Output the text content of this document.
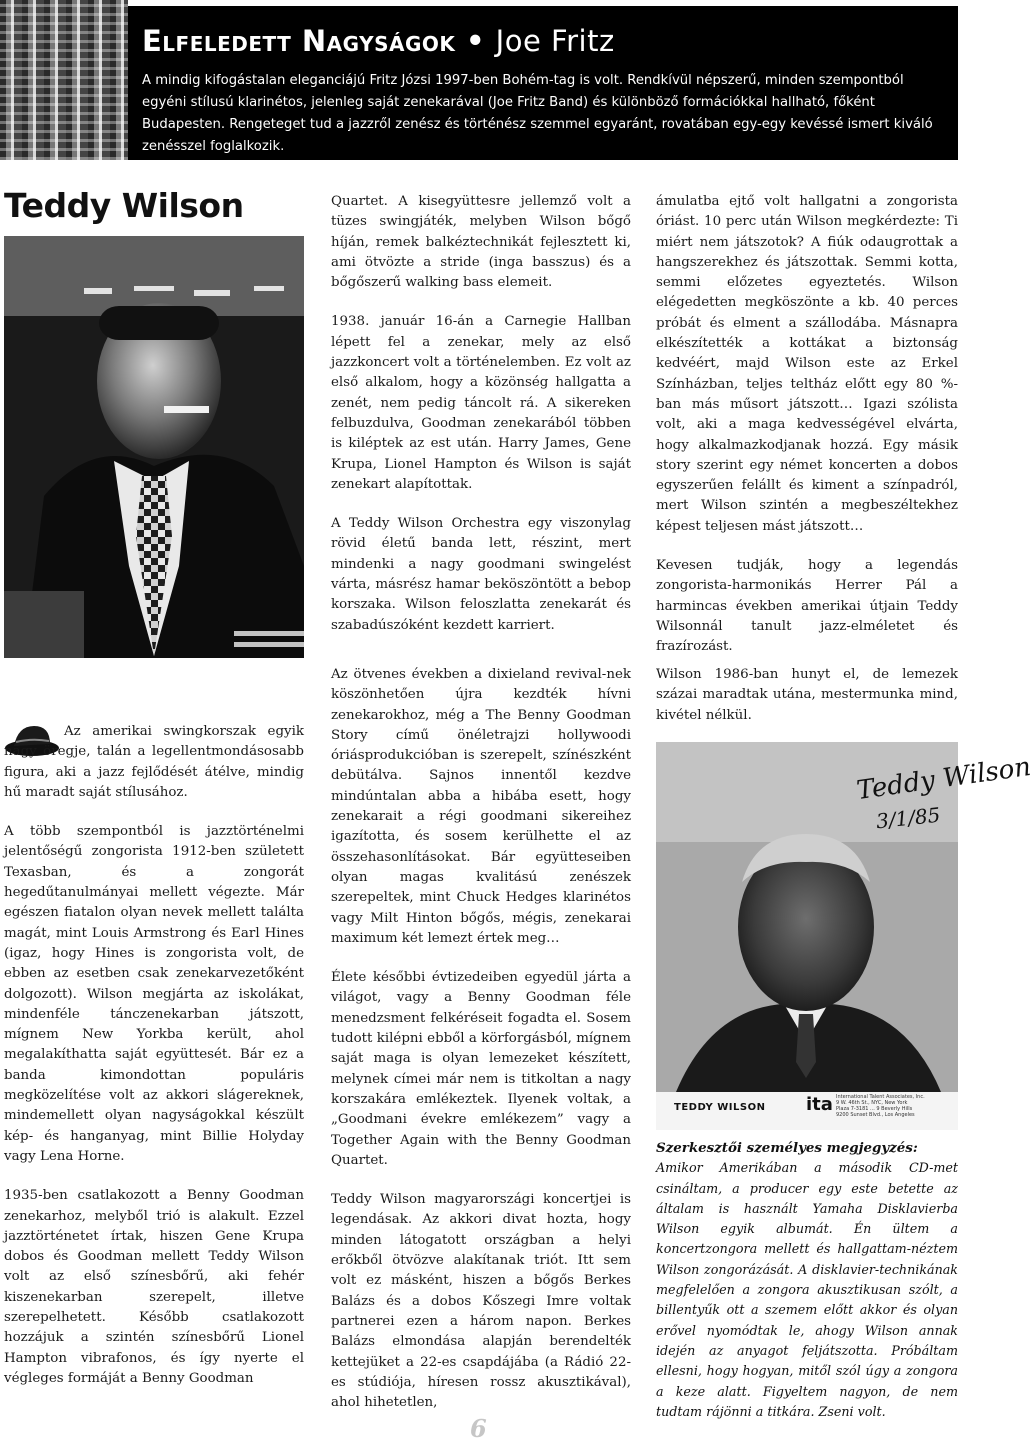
Elfeledett Nagyságok • Joe Fritz

A mindig kifogástalan eleganciájú Fritz Józsi 1997-ben Bohém-tag is volt. Rendkívül népszerű, minden szempontból egyéni stílusú klarinétos, jelenleg saját zenekarával (Joe Fritz Band) és különböző formációkkal hallható, főként Budapesten. Rengeteget tud a jazzről zenész és történész szemmel egyaránt, rovatában egy-egy kevéssé ismert kiváló zenésszel foglalkozik.

Teddy Wilson

Az amerikai swingkorszak egyik nagy öregje, talán a legellentmondásosabb figura, aki a jazz fejlődését átélve, mindig hű maradt saját stílusához.

A több szempontból is jazztörténelmi jelentőségű zongorista 1912-ben született Texasban, és a zongorát hegedűtanulmányai mellett végezte. Már egészen fiatalon olyan nevek mellett találta magát, mint Louis Armstrong és Earl Hines (igaz, hogy Hines is zongorista volt, de ebben az esetben csak zenekarvezetőként dolgozott). Wilson megjárta az iskolákat, mindenféle tánczenekarban játszott, mígnem New Yorkba került, ahol megalakíthatta saját együttesét. Bár ez a banda kimondottan populáris megközelítése volt az akkori slágereknek, mindemellett olyan nagyságokkal készült kép- és hanganyag, mint Billie Holyday vagy Lena Horne.

1935-ben csatlakozott a Benny Goodman zenekarhoz, melyből trió is alakult. Ezzel jazztörténetet írtak, hiszen Gene Krupa dobos és Goodman mellett Teddy Wilson volt az első színesbőrű, aki fehér kiszenekarban szerepelt, illetve szerepelhetett. Később csatlakozott hozzájuk a szintén színesbőrű Lionel Hampton vibrafonos, és így nyerte el végleges formáját a Benny Goodman

Quartet. A kisegyüttesre jellemző volt a tüzes swingjáték, melyben Wilson bőgő híján, remek balkéztechnikát fejlesztett ki, ami ötvözte a stride (inga basszus) és a bőgőszerű walking bass elemeit.

1938. január 16-án a Carnegie Hallban lépett fel a zenekar, mely az első jazzkoncert volt a történelemben. Ez volt az első alkalom, hogy a közönség hallgatta a zenét, nem pedig táncolt rá. A sikereken felbuzdulva, Goodman zenekarából többen is kiléptek az est után. Harry James, Gene Krupa, Lionel Hampton és Wilson is saját zenekart alapítottak.

A Teddy Wilson Orchestra egy viszonylag rövid életű banda lett, részint, mert mindenki a nagy goodmani swingelést várta, másrész hamar beköszöntött a bebop korszaka. Wilson feloszlatta zenekarát és szabadúszóként kezdett karriert.

ámulatba ejtő volt hallgatni a zongorista óriást. 10 perc után Wilson megkérdezte: Ti miért nem játszotok? A fiúk odaugrottak a hangszerekhez és játszottak. Semmi kotta, semmi előzetes egyeztetés. Wilson elégedetten megköszönte a kb. 40 perces próbát és elment a szállodába. Másnapra elkészítették a kottákat a biztonság kedvéért, majd Wilson este az Erkel Színházban, teljes teltház előtt egy 80 %-ban más műsort játszott… Igazi szólista volt, aki a maga kedvességével elvárta, hogy alkalmazkodjanak hozzá. Egy másik story szerint egy német koncerten a dobos egyszerűen felállt és kiment a színpadról, mert Wilson szintén a megbeszéltekhez képest teljesen mást játszott…

Kevesen tudják, hogy a legendás zongorista-harmonikás Herrer Pál a harmincas években amerikai útjain Teddy Wilsonnál tanult jazz-elméletet és frazírozást.

Az ötvenes években a dixieland revival-nek köszönhetően újra kezdték hívni zenekarokhoz, még a The Benny Goodman Story című önéletrajzi hollywoodi óriásprodukcióban is szerepelt, színészként debütálva. Sajnos innentől kezdve mindúntalan abba a hibába esett, hogy zenekarait a régi goodmani sikereihez igazította, és sosem kerülhette el az összehasonlításokat. Bár együtteseiben olyan magas kvalitású zenészek szerepeltek, mint Chuck Hedges klarinétos vagy Milt Hinton bőgős, mégis, zenekarai maximum két lemezt értek meg…

Élete későbbi évtizedeiben egyedül járta a világot, vagy a Benny Goodman féle menedzsment felkéréseit fogadta el. Sosem tudott kilépni ebből a körforgásból, mígnem saját maga is olyan lemezeket készített, melynek címei már nem is titkoltan a nagy korszakára emlékeztek. Ilyenek voltak, a „Goodmani évekre emlékezem” vagy a Together Again with the Benny Goodman Quartet.

Teddy Wilson magyarországi koncertjei is legendásak. Az akkori divat hozta, hogy minden látogatott országban a helyi erőkből ötvözve alakítanak triót. Itt sem volt ez másként, hiszen a bőgős Berkes Balázs és a dobos Kőszegi Imre voltak partnerei ezen a három napon. Berkes Balázs elmondása alapján berendelték kettejüket a 22-es csapdájába (a Rádió 22-es stúdiója, híresen rossz akusztikával), ahol hihetetlen,

Wilson 1986-ban hunyt el, de lemezek százai maradtak utána, mestermunka mind, kivétel nélkül.

Teddy Wilson
3/1/85
TEDDY WILSON ita International Talent Associates, Inc.
9 W. 46th St., NYC, New York
Plaza 7-3181 ... 9 Beverly Hills
9200 Sunset Blvd., Los Angeles
Szerkesztői személyes megjegyzés:

Amikor Amerikában a második CD-met csináltam, a producer egy este betette az általam is használt Yamaha Disklavierba Wilson egyik albumát. Én ültem a koncertzongora mellett és hallgattam-néztem Wilson zongorázását. A disklavier-technikának megfelelően a zongora akusztikusan szólt, a billentyűk ott a szemem előtt akkor és olyan erővel nyomódtak le, ahogy Wilson annak idején az anyagot feljátszotta. Próbáltam ellesni, hogy hogyan, mitől szól úgy a zongora a keze alatt. Figyeltem nagyon, de nem tudtam rájönni a titkára. Zseni volt.

6
